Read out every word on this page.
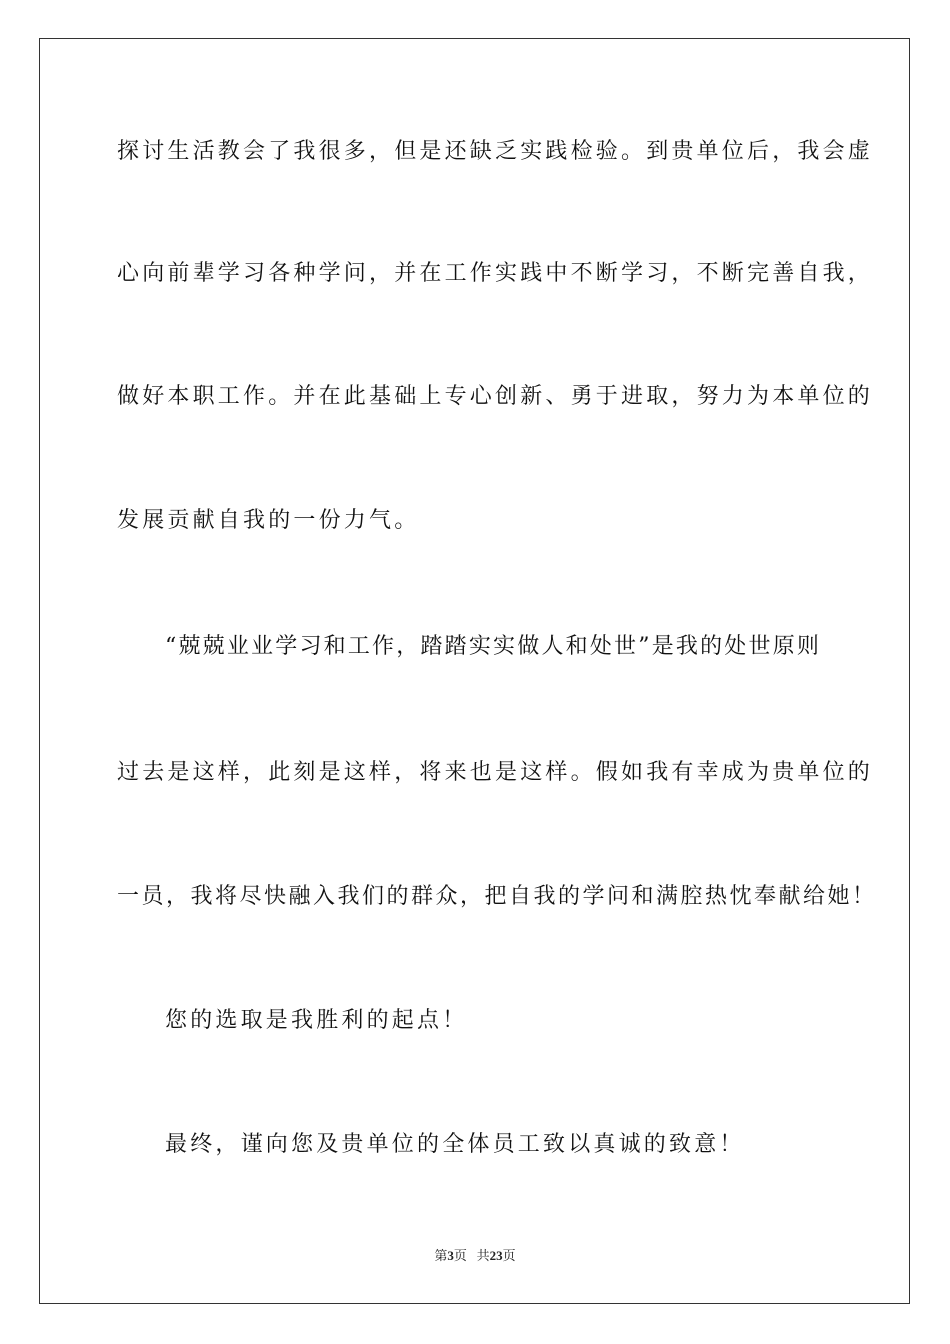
探讨生活教会了我很多，但是还缺乏实践检验。到贵单位后，我会虚

心向前辈学习各种学问，并在工作实践中不断学习，不断完善自我，

做好本职工作。并在此基础上专心创新、勇于进取，努力为本单位的

发展贡献自我的一份力气。

“兢兢业业学习和工作，踏踏实实做人和处世”是我的处世原则

过去是这样，此刻是这样，将来也是这样。假如我有幸成为贵单位的

一员，我将尽快融入我们的群众，把自我的学问和满腔热忱奉献给她！

您的选取是我胜利的起点！

最终，谨向您及贵单位的全体员工致以真诚的致意！

第3页 共23页
